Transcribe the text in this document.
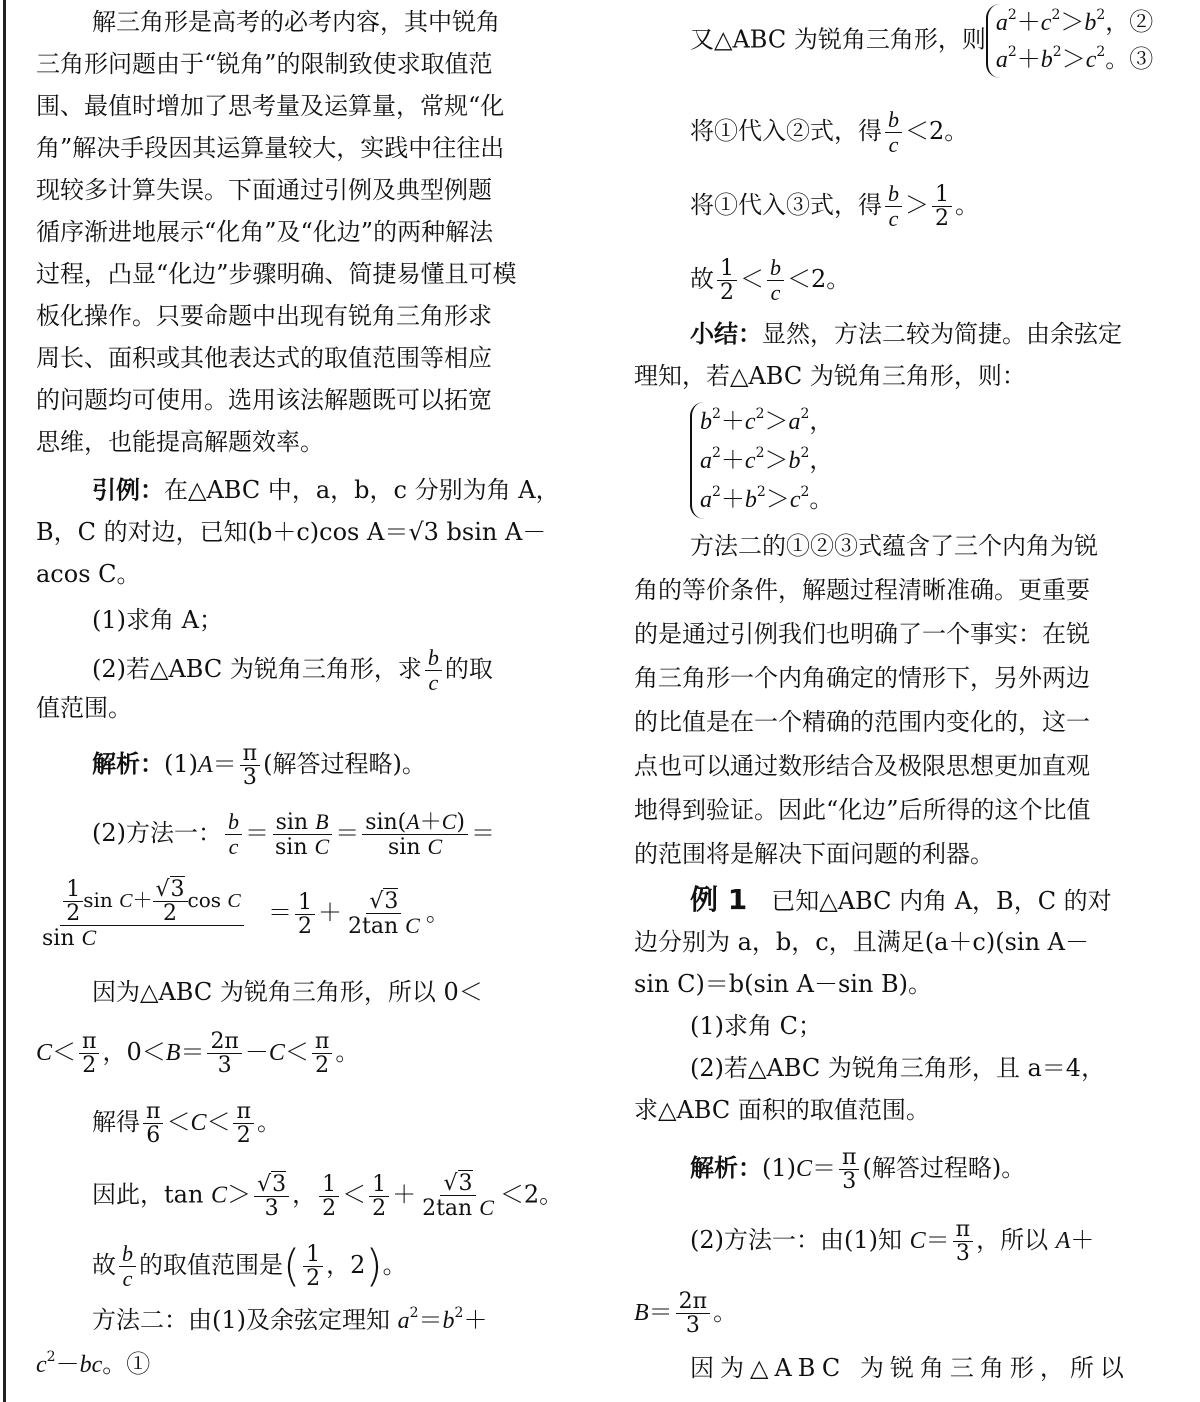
解三角形是高考的必考内容，其中锐角
三角形问题由于“锐角”的限制致使求取值范
围、最值时增加了思考量及运算量，常规“化
角”解决手段因其运算量较大，实践中往往出
现较多计算失误。下面通过引例及典型例题
循序渐进地展示“化角”及“化边”的两种解法
过程，凸显“化边”步骤明确、简捷易懂且可模
板化操作。只要命题中出现有锐角三角形求
周长、面积或其他表达式的取值范围等相应
的问题均可使用。选用该法解题既可以拓宽
思维，也能提高解题效率。
引例：在△ABC 中，a，b，c 分别为角 A，
B，C 的对边，已知(b＋c)cos A＝√3 bsin A－
acos C。
(1)求角 A；
(2)若△ABC 为锐角三角形，求 $\frac{b}{c}$ 的取
值范围。
解析：$(1)A= \frac{\pi}{3}$ (解答过程略)。
(2)方法一： $\frac{b}{c} = \frac{\text{sin B}}{\text{sin C}} = \frac{\sin(A+C)}{\text{sin C}}$ ＝
$\frac{\frac{1}{2} \sin C+ \frac{√3}{2} \cos C}{\text{sin C}} = \frac{1}{2} + \frac{√3}{\text{2tan C}}$ 。
因为△ABC 为锐角三角形，所以 0＜
$C< \frac{\pi}{2}$ ，$0<B= \frac{2\pi}{3} -C< \frac{\pi}{2}$ 。
解得 $\frac{\pi}{6} <C< \frac{\pi}{2}$ 。
因此，$\tan C> \frac{√3}{3}$ ， $\frac{1}{2} < \frac{1}{2} + \frac{√3}{\text{2tan C}} <2$。
故 $\frac{b}{c}$ 的取值范围是( $\frac{1}{2}$ ，2)。
方法二：由(1)及余弦定理知 $a^2=b^2+$
$c^2-bc$。①
又△ABC 为锐角三角形，则$a^2+c^2>b^2$，②
$a^2+b^2>c^2$。③
将①代入②式，得 $\frac{b}{c} <2$。
将①代入③式，得 $\frac{b}{c} > \frac{1}{2}$ 。
故 $\frac{1}{2} < \frac{b}{c} <2$。
小结：显然，方法二较为简捷。由余弦定
理知，若△ABC 为锐角三角形，则：
$b^2+c^2>a^2$，
$a^2+c^2>b^2$，
$a^2+b^2>c^2$。
方法二的①②③式蕴含了三个内角为锐
角的等价条件，解题过程清晰准确。更重要
的是通过引例我们也明确了一个事实：在锐
角三角形一个内角确定的情形下，另外两边
的比值是在一个精确的范围内变化的，这一
点也可以通过数形结合及极限思想更加直观
地得到验证。因此“化边”后所得的这个比值
的范围将是解决下面问题的利器。
例 1　 已知△ABC 内角 A，B，C 的对
边分别为 a，b，c，且满足(a＋c)(sin A－
sin C)＝b(sin A－sin B)。
(1)求角 C；
(2)若△ABC 为锐角三角形，且 a＝4，
求△ABC 面积的取值范围。
解析：$(1)C= \frac{\pi}{3}$ (解答过程略)。
(2)方法一：由(1)知 $C= \frac{\pi}{3}$ ，所以 A＋
$B= \frac{2\pi}{3}$ 。
因为△ABC 为锐角三角形，所以
